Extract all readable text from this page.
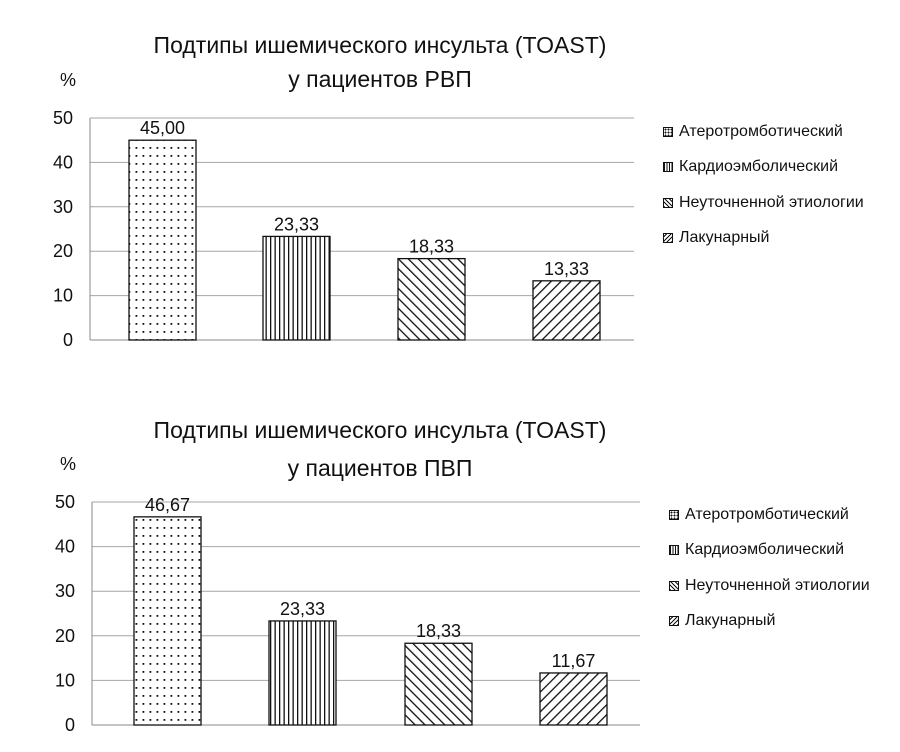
Подтипы ишемического инсульта (TOAST)
у пациентов РВП
%
0
10
20
30
40
50
45,00
23,33
18,33
13,33
Атеротромботический
Кардиоэмболический
Неуточненной этиологии
Лакунарный
Подтипы ишемического инсульта (TOAST)
у пациентов ПВП
%
0
10
20
30
40
50	46,67
23,33
18,33
11,67
Атеротромботический
Кардиоэмболический
Неуточненной этиологии
Лакунарный
